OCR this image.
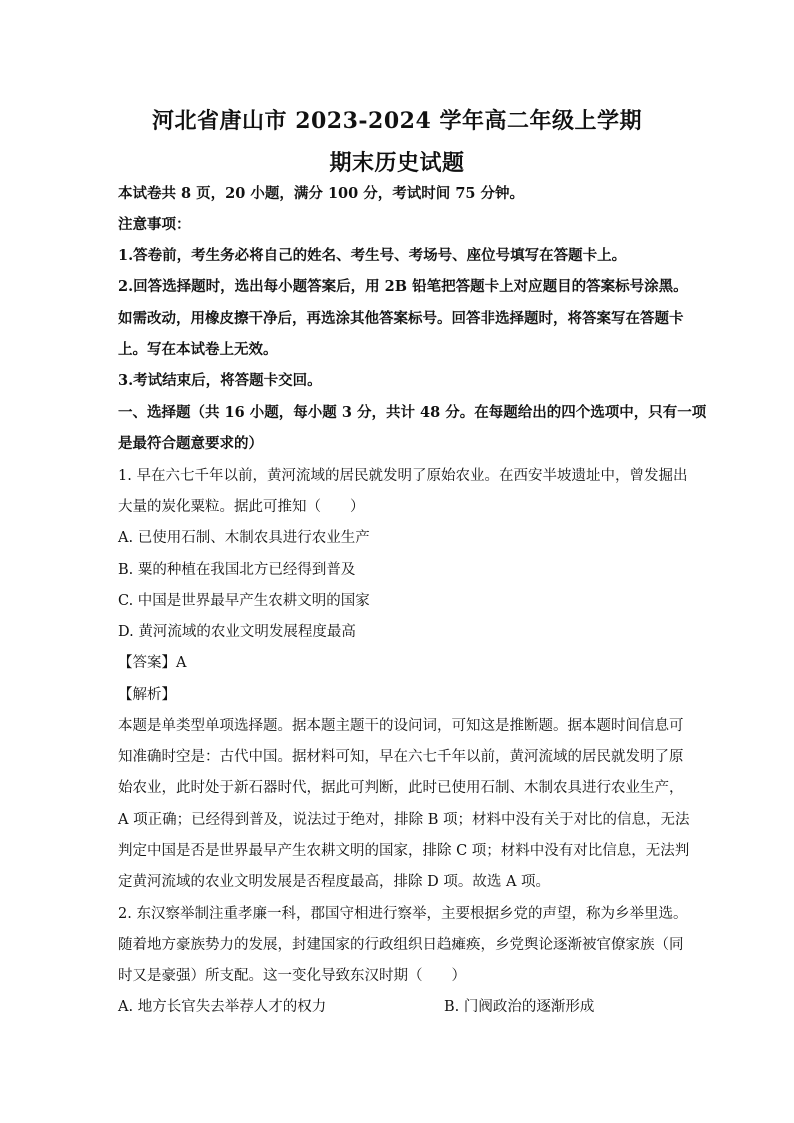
河北省唐山市 2023-2024 学年高二年级上学期
期末历史试题
本试卷共 8 页，20 小题，满分 100 分，考试时间 75 分钟。
注意事项：
1.答卷前，考生务必将自己的姓名、考生号、考场号、座位号填写在答题卡上。
2.回答选择题时，选出每小题答案后，用 2B 铅笔把答题卡上对应题目的答案标号涂黑。
如需改动，用橡皮擦干净后，再选涂其他答案标号。回答非选择题时，将答案写在答题卡
上。写在本试卷上无效。
3.考试结束后，将答题卡交回。
一、选择题（共 16 小题，每小题 3 分，共计 48 分。在每题给出的四个选项中，只有一项
是最符合题意要求的）
1. 早在六七千年以前，黄河流域的居民就发明了原始农业。在西安半坡遗址中，曾发掘出
大量的炭化粟粒。据此可推知（　　）
A. 已使用石制、木制农具进行农业生产
B. 粟的种植在我国北方已经得到普及
C. 中国是世界最早产生农耕文明的国家
D. 黄河流域的农业文明发展程度最高
【答案】A
【解析】
本题是单类型单项选择题。据本题主题干的设问词，可知这是推断题。据本题时间信息可
知准确时空是：古代中国。据材料可知，早在六七千年以前，黄河流域的居民就发明了原
始农业，此时处于新石器时代，据此可判断，此时已使用石制、木制农具进行农业生产，
A 项正确；已经得到普及，说法过于绝对，排除 B 项；材料中没有关于对比的信息，无法
判定中国是否是世界最早产生农耕文明的国家，排除 C 项；材料中没有对比信息，无法判
定黄河流域的农业文明发展是否程度最高，排除 D 项。故选 A 项。
2. 东汉察举制注重孝廉一科，郡国守相进行察举，主要根据乡党的声望，称为乡举里选。
随着地方豪族势力的发展，封建国家的行政组织日趋瘫痪，乡党舆论逐渐被官僚家族（同
时又是豪强）所支配。这一变化导致东汉时期（　　）
A. 地方长官失去举荐人才的权力	B. 门阀政治的逐渐形成
